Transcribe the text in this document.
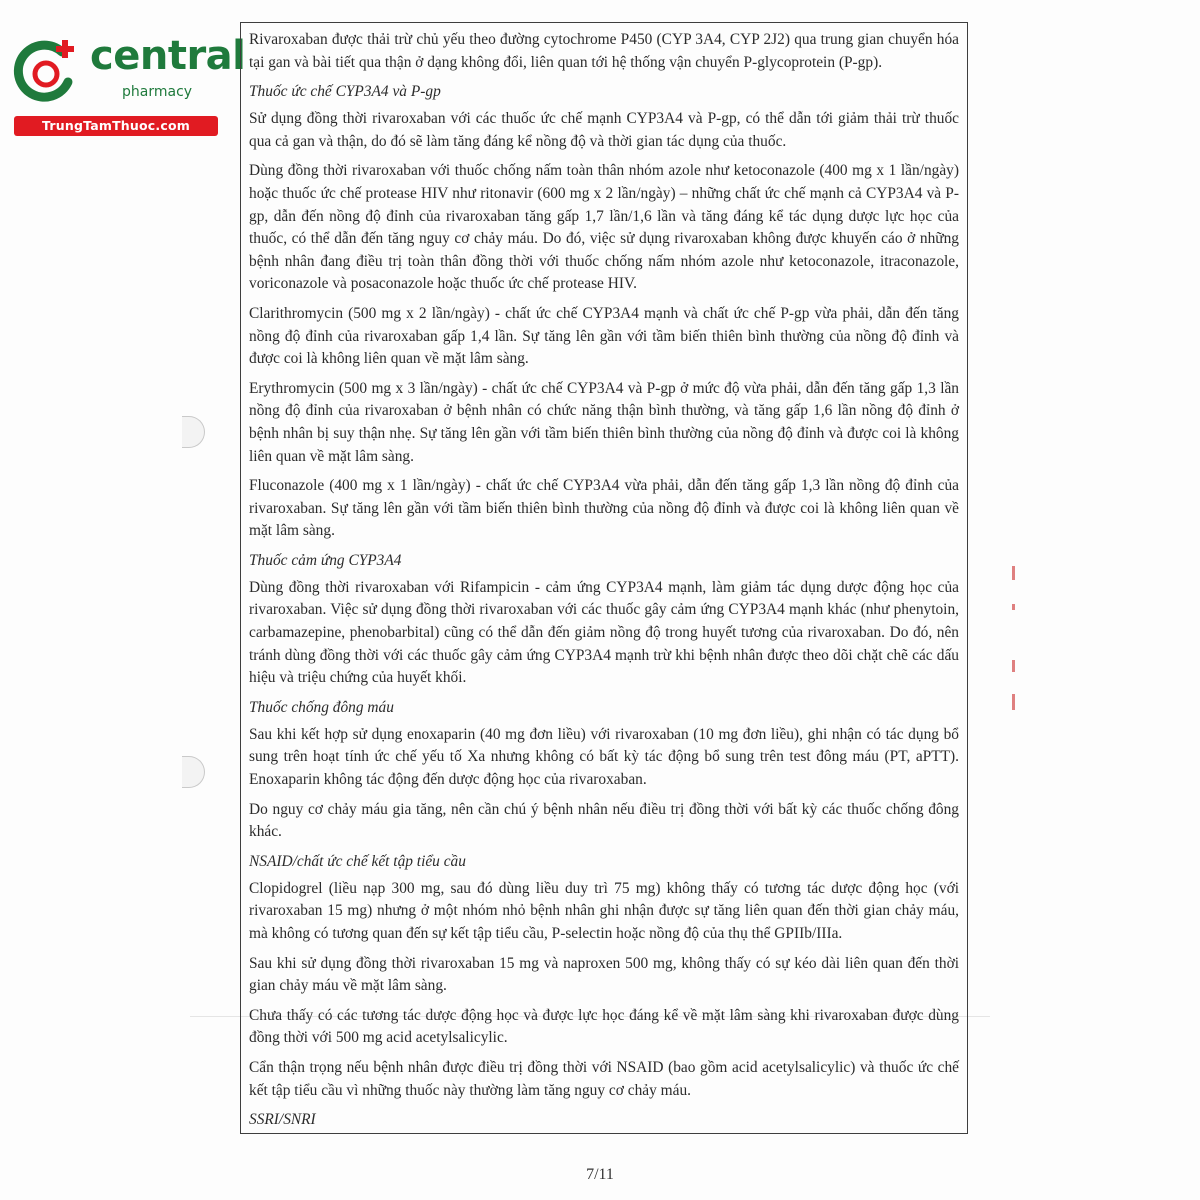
central
pharmacy
TrungTamThuoc.com

Rivaroxaban được thải trừ chủ yếu theo đường cytochrome P450 (CYP 3A4, CYP 2J2) qua trung gian chuyển hóa tại gan và bài tiết qua thận ở dạng không đổi, liên quan tới hệ thống vận chuyển P-glycoprotein (P-gp).

Thuốc ức chế CYP3A4 và P-gp

Sử dụng đồng thời rivaroxaban với các thuốc ức chế mạnh CYP3A4 và P-gp, có thể dẫn tới giảm thải trừ thuốc qua cả gan và thận, do đó sẽ làm tăng đáng kể nồng độ và thời gian tác dụng của thuốc.

Dùng đồng thời rivaroxaban với thuốc chống nấm toàn thân nhóm azole như ketoconazole (400 mg x 1 lần/ngày) hoặc thuốc ức chế protease HIV như ritonavir (600 mg x 2 lần/ngày) – những chất ức chế mạnh cả CYP3A4 và P-gp, dẫn đến nồng độ đỉnh của rivaroxaban tăng gấp 1,7 lần/1,6 lần và tăng đáng kể tác dụng dược lực học của thuốc, có thể dẫn đến tăng nguy cơ chảy máu. Do đó, việc sử dụng rivaroxaban không được khuyến cáo ở những bệnh nhân đang điều trị toàn thân đồng thời với thuốc chống nấm nhóm azole như ketoconazole, itraconazole, voriconazole và posaconazole hoặc thuốc ức chế protease HIV.

Clarithromycin (500 mg x 2 lần/ngày) - chất ức chế CYP3A4 mạnh và chất ức chế P-gp vừa phải, dẫn đến tăng nồng độ đỉnh của rivaroxaban gấp 1,4 lần. Sự tăng lên gần với tầm biến thiên bình thường của nồng độ đỉnh và được coi là không liên quan về mặt lâm sàng.

Erythromycin (500 mg x 3 lần/ngày) - chất ức chế CYP3A4 và P-gp ở mức độ vừa phải, dẫn đến tăng gấp 1,3 lần nồng độ đỉnh của rivaroxaban ở bệnh nhân có chức năng thận bình thường, và tăng gấp 1,6 lần nồng độ đỉnh ở bệnh nhân bị suy thận nhẹ. Sự tăng lên gần với tầm biến thiên bình thường của nồng độ đỉnh và được coi là không liên quan về mặt lâm sàng.

Fluconazole (400 mg x 1 lần/ngày) - chất ức chế CYP3A4 vừa phải, dẫn đến tăng gấp 1,3 lần nồng độ đỉnh của rivaroxaban. Sự tăng lên gần với tầm biến thiên bình thường của nồng độ đỉnh và được coi là không liên quan về mặt lâm sàng.

Thuốc cảm ứng CYP3A4

Dùng đồng thời rivaroxaban với Rifampicin - cảm ứng CYP3A4 mạnh, làm giảm tác dụng dược động học của rivaroxaban. Việc sử dụng đồng thời rivaroxaban với các thuốc gây cảm ứng CYP3A4 mạnh khác (như phenytoin, carbamazepine, phenobarbital) cũng có thể dẫn đến giảm nồng độ trong huyết tương của rivaroxaban. Do đó, nên tránh dùng đồng thời với các thuốc gây cảm ứng CYP3A4 mạnh trừ khi bệnh nhân được theo dõi chặt chẽ các dấu hiệu và triệu chứng của huyết khối.

Thuốc chống đông máu

Sau khi kết hợp sử dụng enoxaparin (40 mg đơn liều) với rivaroxaban (10 mg đơn liều), ghi nhận có tác dụng bổ sung trên hoạt tính ức chế yếu tố Xa nhưng không có bất kỳ tác động bổ sung trên test đông máu (PT, aPTT). Enoxaparin không tác động đến dược động học của rivaroxaban.

Do nguy cơ chảy máu gia tăng, nên cần chú ý bệnh nhân nếu điều trị đồng thời với bất kỳ các thuốc chống đông khác.

NSAID/chất ức chế kết tập tiểu cầu

Clopidogrel (liều nạp 300 mg, sau đó dùng liều duy trì 75 mg) không thấy có tương tác dược động học (với rivaroxaban 15 mg) nhưng ở một nhóm nhỏ bệnh nhân ghi nhận được sự tăng liên quan đến thời gian chảy máu, mà không có tương quan đến sự kết tập tiểu cầu, P-selectin hoặc nồng độ của thụ thể GPIIb/IIIa.

Sau khi sử dụng đồng thời rivaroxaban 15 mg và naproxen 500 mg, không thấy có sự kéo dài liên quan đến thời gian chảy máu về mặt lâm sàng.

Chưa thấy có các tương tác dược động học và được lực học đáng kể về mặt lâm sàng khi rivaroxaban được dùng đồng thời với 500 mg acid acetylsalicylic.

Cẩn thận trọng nếu bệnh nhân được điều trị đồng thời với NSAID (bao gồm acid acetylsalicylic) và thuốc ức chế kết tập tiểu cầu vì những thuốc này thường làm tăng nguy cơ chảy máu.

SSRI/SNRI
7/11
